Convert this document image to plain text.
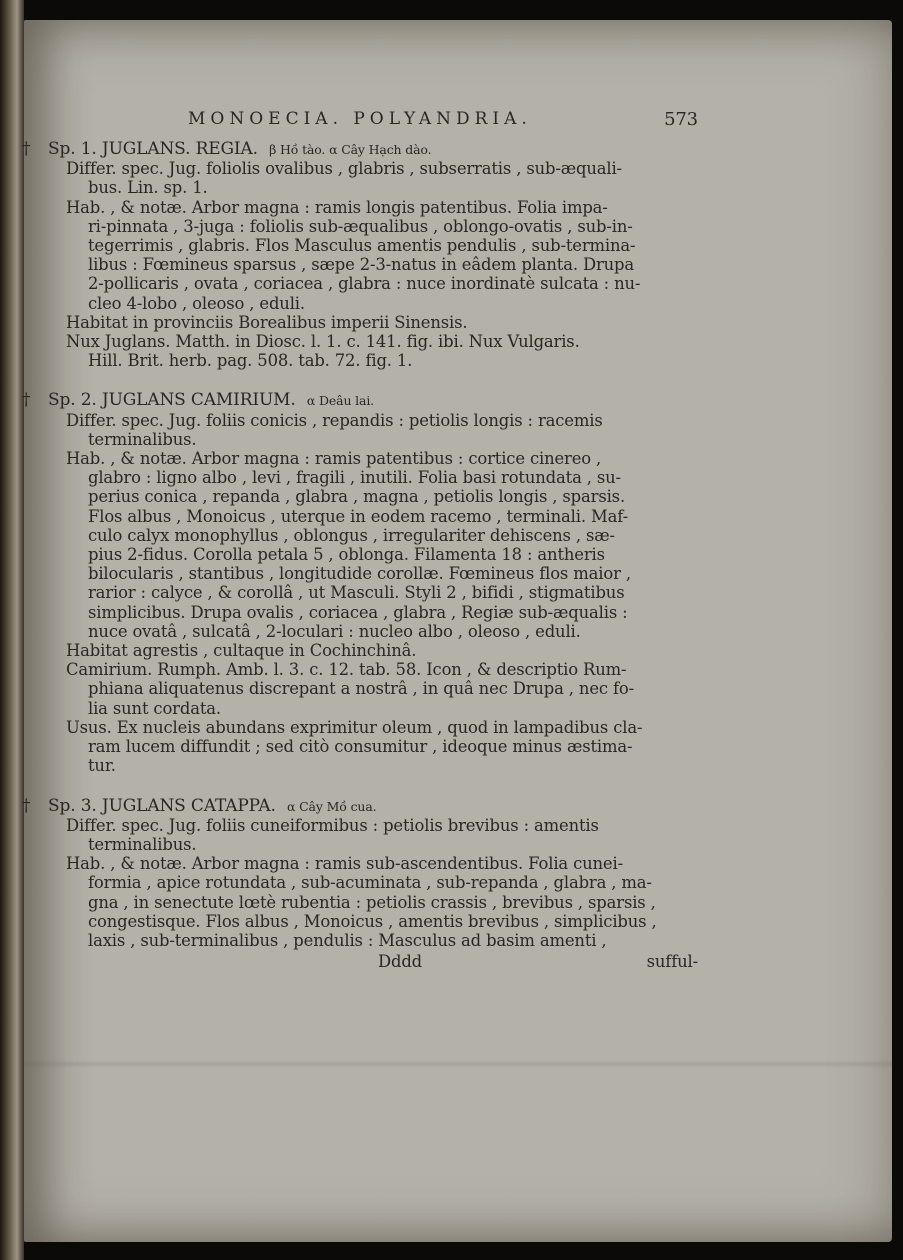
MONOECIA. POLYANDRIA.	573
† Sp. 1. JUGLANS. REGIA. β Hồ tào. α Cây Hạch dào.

Differ. spec. Jug. foliolis ovalibus , glabris , subserratis , sub-æquali-
bus. Lin. sp. 1.

Hab. , & notæ. Arbor magna : ramis longis patentibus. Folia impa-
ri-pinnata , 3-juga : foliolis sub-æqualibus , oblongo-ovatis , sub-in-
tegerrimis , glabris. Flos Masculus amentis pendulis , sub-termina-
libus : Fœmineus sparsus , sæpe 2-3-natus in eâdem planta. Drupa
2-pollicaris , ovata , coriacea , glabra : nuce inordinatè sulcata : nu-
cleo 4-lobo , oleoso , eduli.

Habitat in provinciis Borealibus imperii Sinensis.

Nux Juglans. Matth. in Diosc. l. 1. c. 141. fig. ibi. Nux Vulgaris.
Hill. Brit. herb. pag. 508. tab. 72. fig. 1.

† Sp. 2. JUGLANS CAMIRIUM. α Deâu lai.

Differ. spec. Jug. foliis conicis , repandis : petiolis longis : racemis
terminalibus.

Hab. , & notæ. Arbor magna : ramis patentibus : cortice cinereo ,
glabro : ligno albo , levi , fragili , inutili. Folia basi rotundata , su-
perius conica , repanda , glabra , magna , petiolis longis , sparsis.
Flos albus , Monoicus , uterque in eodem racemo , terminali. Maf-
culo calyx monophyllus , oblongus , irregulariter dehiscens , sæ-
pius 2-fidus. Corolla petala 5 , oblonga. Filamenta 18 : antheris
bilocularis , stantibus , longitudide corollæ. Fœmineus flos maior ,
rarior : calyce , & corollâ , ut Masculi. Styli 2 , bifidi , stigmatibus
simplicibus. Drupa ovalis , coriacea , glabra , Regiæ sub-æqualis :
nuce ovatâ , sulcatâ , 2-loculari : nucleo albo , oleoso , eduli.

Habitat agrestis , cultaque in Cochinchinâ.

Camirium. Rumph. Amb. l. 3. c. 12. tab. 58. Icon , & descriptio Rum-
phiana aliquatenus discrepant a nostrâ , in quâ nec Drupa , nec fo-
lia sunt cordata.

Usus. Ex nucleis abundans exprimitur oleum , quod in lampadibus cla-
ram lucem diffundit ; sed citò consumitur , ideoque minus æstima-
tur.

† Sp. 3. JUGLANS CATAPPA. α Cây Mồ cua.

Differ. spec. Jug. foliis cuneiformibus : petiolis brevibus : amentis
terminalibus.

Hab. , & notæ. Arbor magna : ramis sub-ascendentibus. Folia cunei-
formia , apice rotundata , sub-acuminata , sub-repanda , glabra , ma-
gna , in senectute lœtè rubentia : petiolis crassis , brevibus , sparsis ,
congestisque. Flos albus , Monoicus , amentis brevibus , simplicibus ,
laxis , sub-terminalibus , pendulis : Masculus ad basim amenti ,

Dddd	sufful-
